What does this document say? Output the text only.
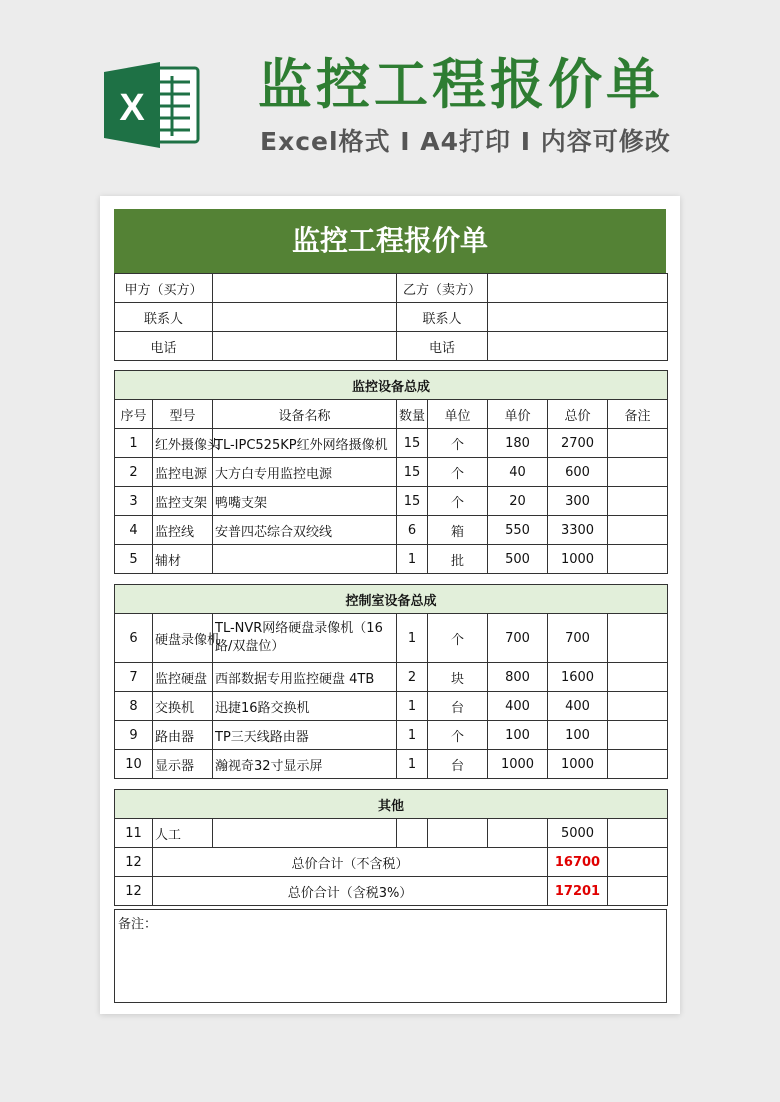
X 监控工程报价单
Excel格式 I A4打印 I 内容可修改
监控工程报价单
甲方（买方）		乙方（卖方）	
联系人		联系人	
电话		电话	
监控设备总成							
序号	型号	设备名称	数量	单位	单价	总价	备注
1	红外摄像头	TL-IPC525KP红外网络摄像机	15	个	180	2700	
2	监控电源	大方白专用监控电源	15	个	40	600	
3	监控支架	鸭嘴支架	15	个	20	300	
4	监控线	安普四芯综合双绞线	6	箱	550	3300	
5	辅材		1	批	500	1000	

控制室设备总成							
6	硬盘录像机	TL-NVR网络硬盘录像机（16路/双盘位）	1	个	700	700	
7	监控硬盘	西部数据专用监控硬盘 4TB	2	块	800	1600	
8	交换机	迅捷16路交换机	1	台	400	400	
9	路由器	TP三天线路由器	1	个	100	100	
10	显示器	瀚视奇32寸显示屏	1	台	1000	1000	

其他							
11	人工					5000	
12	总价合计（不含税）					16700	
12	总价合计（含税3%）					17201	
备注：
